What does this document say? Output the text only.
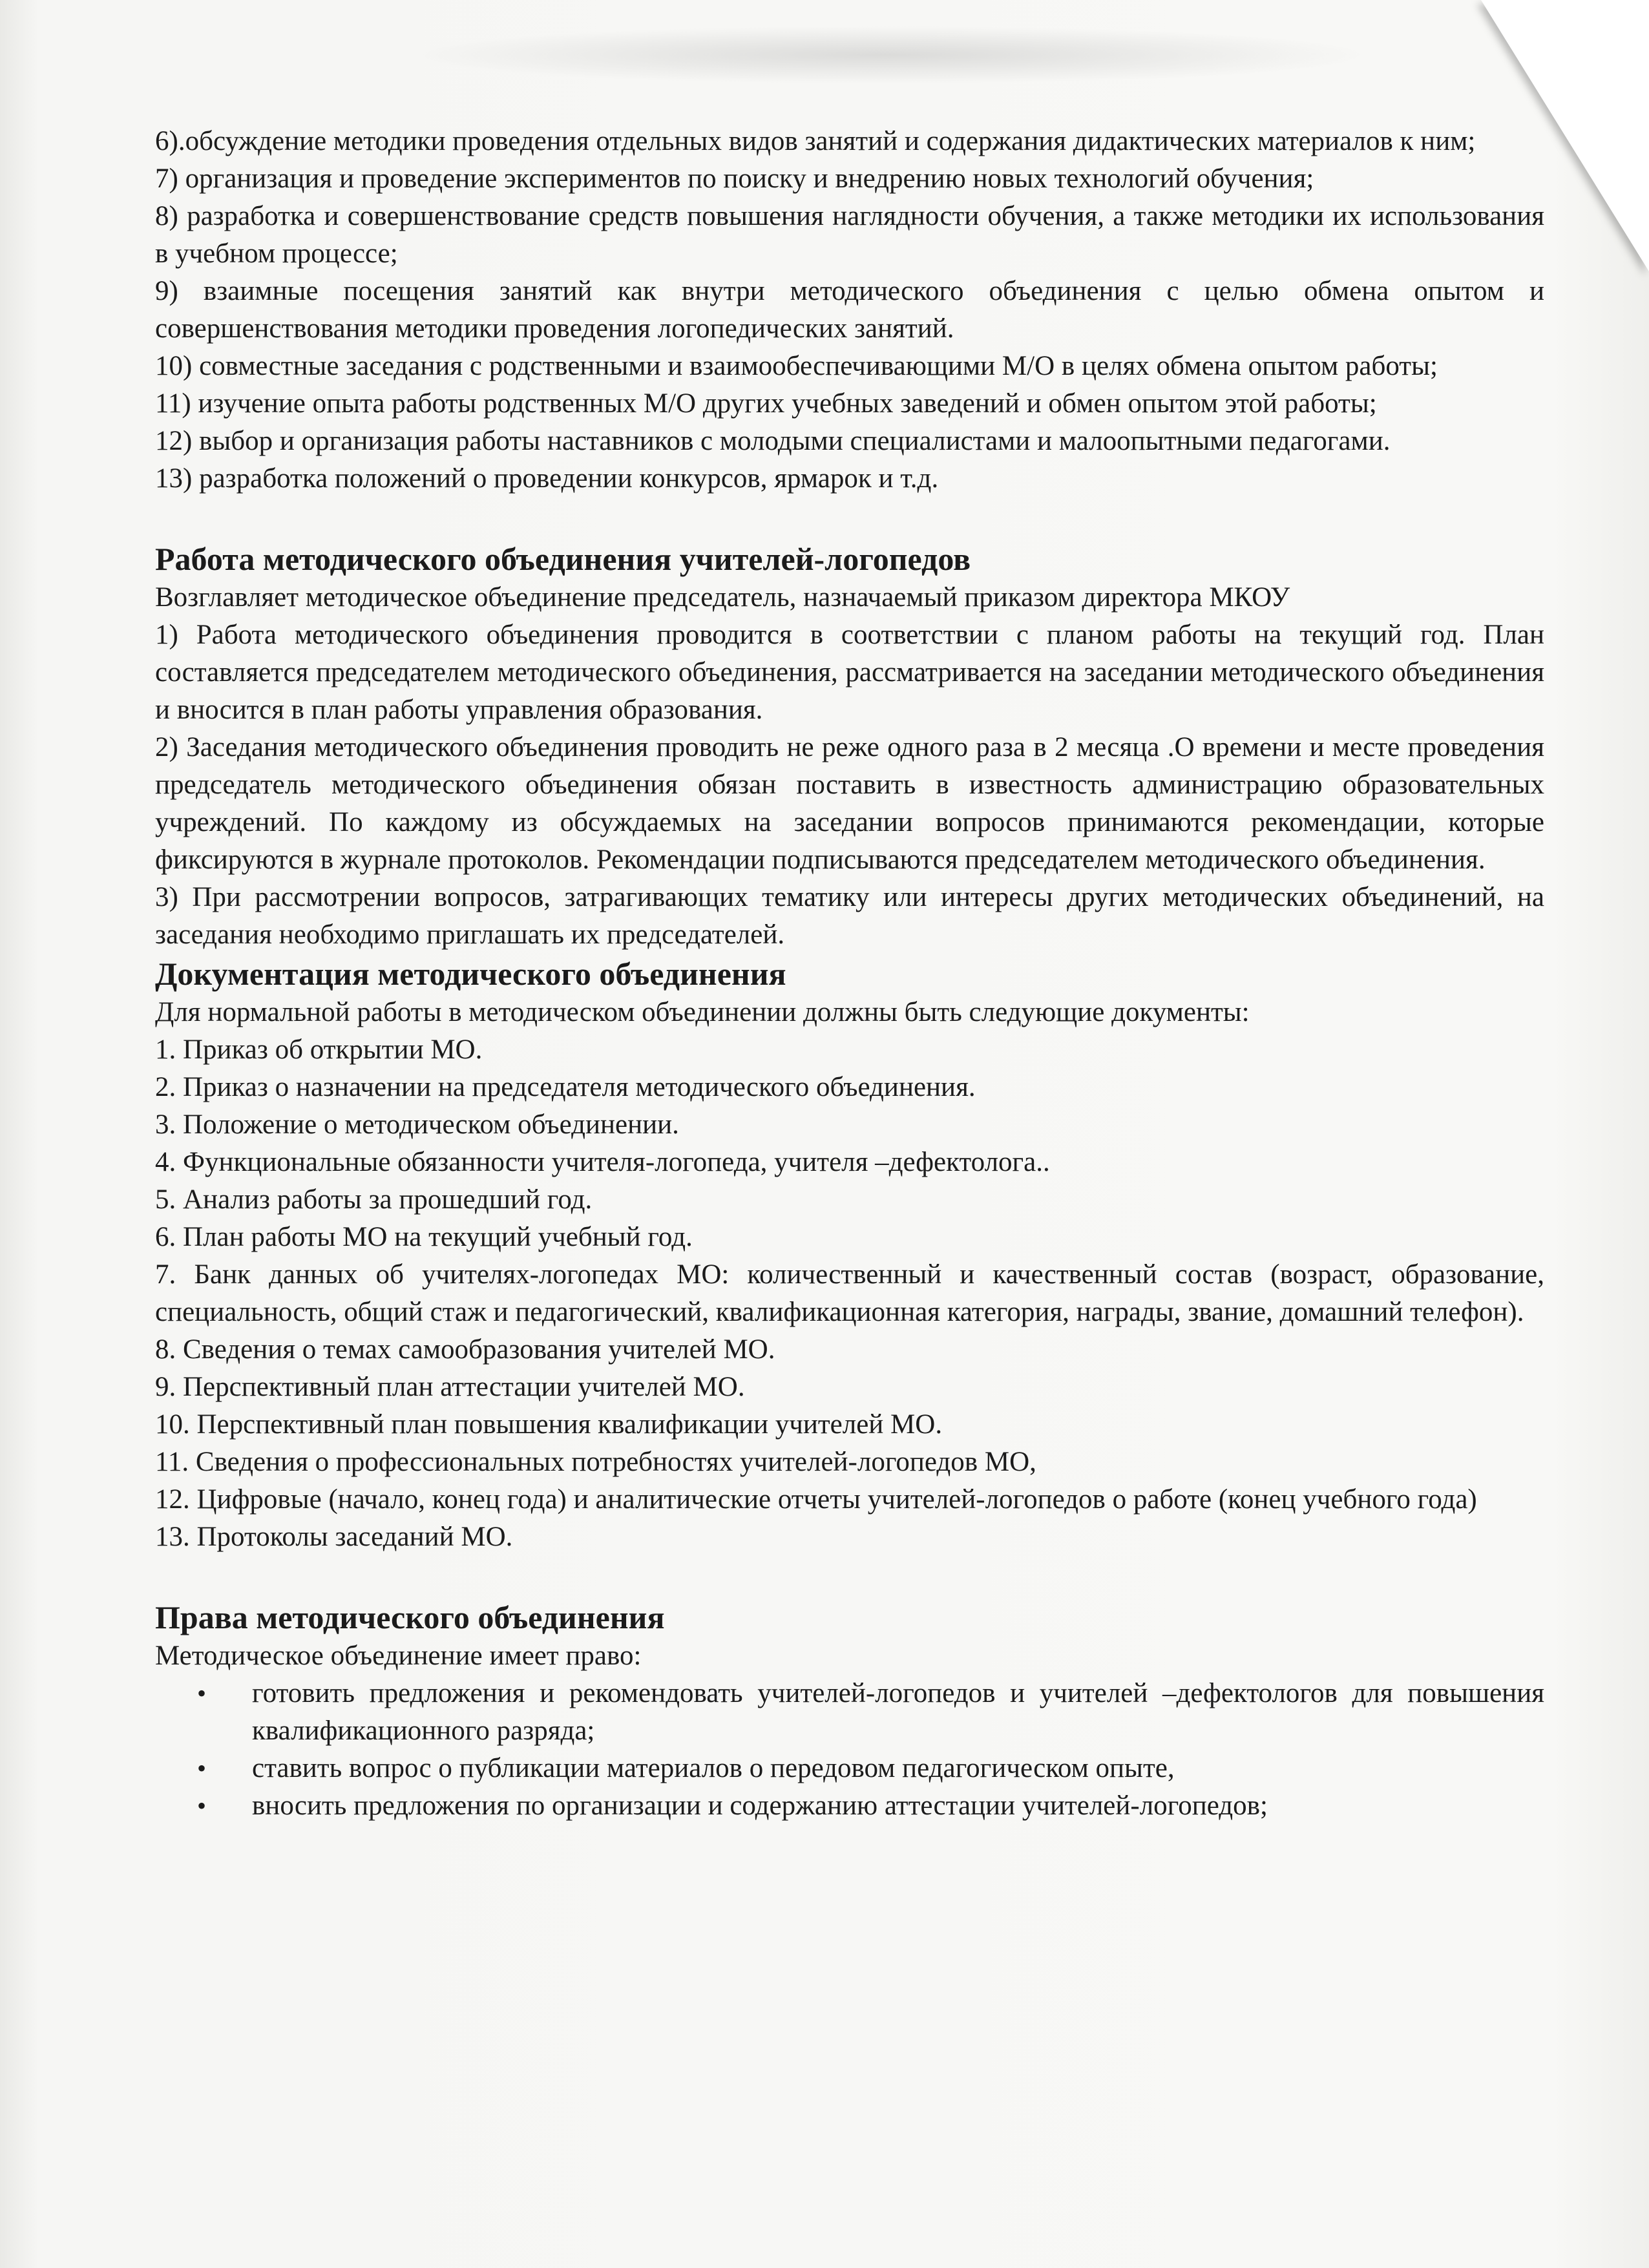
6).обсуждение методики проведения отдельных видов занятий и содержания дидактических материалов к ним;

7) организация и проведение экспериментов по поиску и внедрению новых технологий обучения;

8) разработка и совершенствование средств повышения наглядности обучения, а также методики их использования в учебном процессе;

9) взаимные посещения занятий как внутри методического объединения с целью обмена опытом и совершенствования методики проведения логопедических занятий.

10) совместные заседания с родственными и взаимообеспечивающими М/О в целях обмена опытом работы;

11) изучение опыта работы родственных М/О других учебных заведений и обмен опытом этой работы;

12) выбор и организация работы наставников с молодыми специалистами и малоопытными педагогами.

13) разработка положений о проведении конкурсов, ярмарок и т.д.

Работа методического объединения учителей-логопедов

Возглавляет методическое объединение председатель, назначаемый приказом директора МКОУ

1) Работа методического объединения проводится в соответствии с планом работы на текущий год. План составляется председателем методического объединения, рассматривается на заседании методического объединения и вносится в план работы управления образования.

2) Заседания методического объединения проводить не реже одного раза в 2 месяца .О времени и месте проведения председатель методического объединения обязан поставить в известность администрацию образовательных учреждений. По каждому из обсуждаемых на заседании вопросов принимаются рекомендации, которые фиксируются в журнале протоколов. Рекомендации подписываются председателем методического объединения.

3) При рассмотрении вопросов, затрагивающих тематику или интересы других методических объединений, на заседания необходимо приглашать их председателей.

Документация методического объединения

Для нормальной работы в методическом объединении должны быть следующие документы:

1. Приказ об открытии МО.

2. Приказ о назначении на председателя методического объединения.

3. Положение о методическом объединении.

4. Функциональные обязанности учителя-логопеда, учителя –дефектолога..

5. Анализ работы за прошедший год.

6. План работы МО на текущий учебный год.

7. Банк данных об учителях-логопедах МО: количественный и качественный состав (возраст, образование, специальность, общий стаж и педагогический, квалификационная категория, награды, звание, домашний телефон).

8. Сведения о темах самообразования учителей МО.

9. Перспективный план аттестации учителей МО.

10. Перспективный план повышения квалификации учителей МО.

11. Сведения о профессиональных потребностях учителей-логопедов МО,

12. Цифровые (начало, конец года) и аналитические отчеты учителей-логопедов о работе (конец учебного года)

13. Протоколы заседаний МО.

Права методического объединения

Методическое объединение имеет право:

• готовить предложения и рекомендовать учителей-логопедов и учителей –дефектологов для повышения квалификационного разряда;
• ставить вопрос о публикации материалов о передовом педагогическом опыте,
• вносить предложения по организации и содержанию аттестации учителей-логопедов;
